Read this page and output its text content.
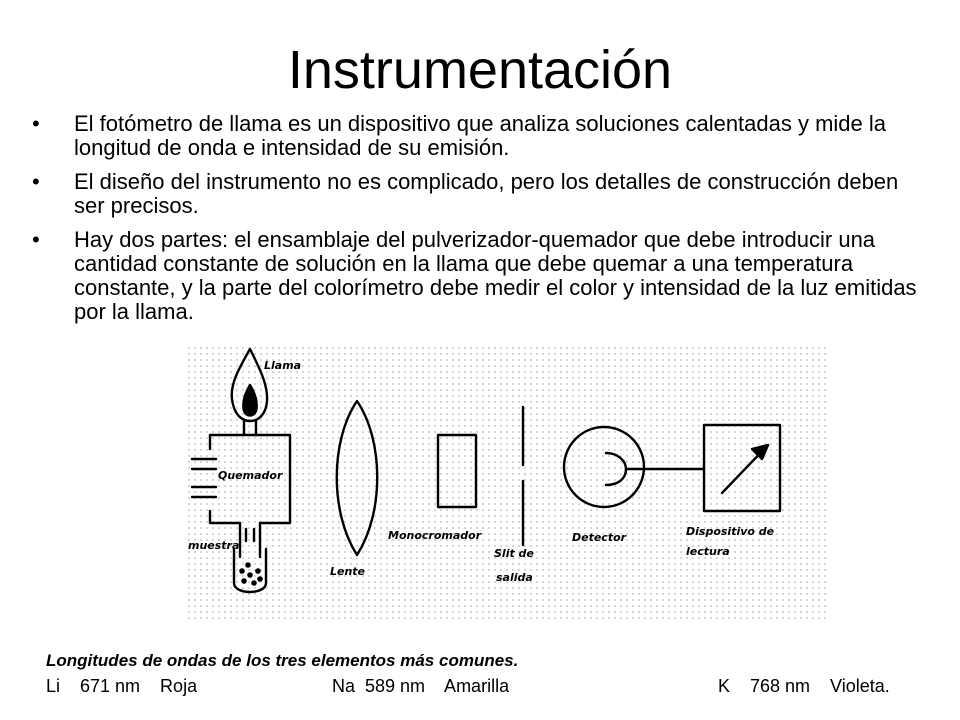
Instrumentación
• El fotómetro de llama es un dispositivo que analiza soluciones calentadas y mide la longitud de onda e intensidad de su emisión.
• El diseño del instrumento no es complicado, pero los detalles de construcción deben ser precisos.
• Hay dos partes: el ensamblaje del pulverizador-quemador que debe introducir una cantidad constante de solución en la llama que debe quemar a una temperatura constante, y la parte del colorímetro debe medir el color y intensidad de la luz emitidas por la llama.
Llama
Quemador
muestra
Lente
Monocromador
Slit de
salida
Detector	Dispositivo de
lectura
Longitudes de ondas de los tres elementos más comunes.
Li    671 nm    Roja	Na  589 nm    Amarilla	K    768 nm    Violeta.
